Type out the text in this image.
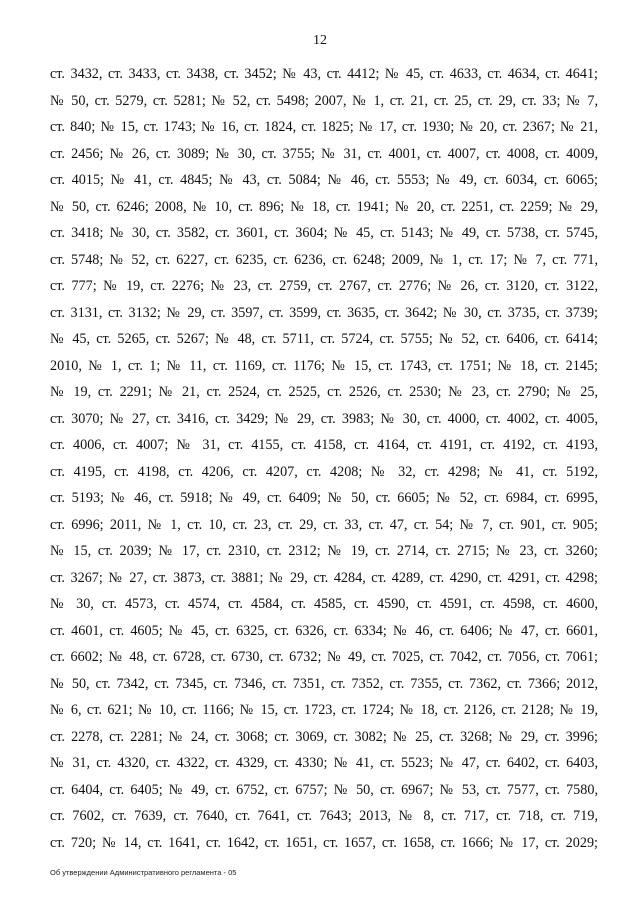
12
ст. 3432, ст. 3433, ст. 3438, ст. 3452; № 43, ст. 4412; № 45, ст. 4633, ст. 4634, ст. 4641;
№ 50, ст. 5279, ст. 5281; № 52, ст. 5498; 2007, № 1, ст. 21, ст. 25, ст. 29, ст. 33; № 7,
ст. 840; № 15, ст. 1743; № 16, ст. 1824, ст. 1825; № 17, ст. 1930; № 20, ст. 2367; № 21,
ст. 2456; № 26, ст. 3089; № 30, ст. 3755; № 31, ст. 4001, ст. 4007, ст. 4008, ст. 4009,
ст. 4015; № 41, ст. 4845; № 43, ст. 5084; № 46, ст. 5553; № 49, ст. 6034, ст. 6065;
№ 50, ст. 6246; 2008, № 10, ст. 896; № 18, ст. 1941; № 20, ст. 2251, ст. 2259; № 29,
ст. 3418; № 30, ст. 3582, ст. 3601, ст. 3604; № 45, ст. 5143; № 49, ст. 5738, ст. 5745,
ст. 5748; № 52, ст. 6227, ст. 6235, ст. 6236, ст. 6248; 2009, № 1, ст. 17; № 7, ст. 771,
ст. 777; № 19, ст. 2276; № 23, ст. 2759, ст. 2767, ст. 2776; № 26, ст. 3120, ст. 3122,
ст. 3131, ст. 3132; № 29, ст. 3597, ст. 3599, ст. 3635, ст. 3642; № 30, ст. 3735, ст. 3739;
№ 45, ст. 5265, ст. 5267; № 48, ст. 5711, ст. 5724, ст. 5755; № 52, ст. 6406, ст. 6414;
2010, № 1, ст. 1; № 11, ст. 1169, ст. 1176; № 15, ст. 1743, ст. 1751; № 18, ст. 2145;
№ 19, ст. 2291; № 21, ст. 2524, ст. 2525, ст. 2526, ст. 2530; № 23, ст. 2790; № 25,
ст. 3070; № 27, ст. 3416, ст. 3429; № 29, ст. 3983; № 30, ст. 4000, ст. 4002, ст. 4005,
ст. 4006, ст. 4007; № 31, ст. 4155, ст. 4158, ст. 4164, ст. 4191, ст. 4192, ст. 4193,
ст. 4195, ст. 4198, ст. 4206, ст. 4207, ст. 4208; № 32, ст. 4298; № 41, ст. 5192,
ст. 5193; № 46, ст. 5918; № 49, ст. 6409; № 50, ст. 6605; № 52, ст. 6984, ст. 6995,
ст. 6996; 2011, № 1, ст. 10, ст. 23, ст. 29, ст. 33, ст. 47, ст. 54; № 7, ст. 901, ст. 905;
№ 15, ст. 2039; № 17, ст. 2310, ст. 2312; № 19, ст. 2714, ст. 2715; № 23, ст. 3260;
ст. 3267; № 27, ст. 3873, ст. 3881; № 29, ст. 4284, ст. 4289, ст. 4290, ст. 4291, ст. 4298;
№ 30, ст. 4573, ст. 4574, ст. 4584, ст. 4585, ст. 4590, ст. 4591, ст. 4598, ст. 4600,
ст. 4601, ст. 4605; № 45, ст. 6325, ст. 6326, ст. 6334; № 46, ст. 6406; № 47, ст. 6601,
ст. 6602; № 48, ст. 6728, ст. 6730, ст. 6732; № 49, ст. 7025, ст. 7042, ст. 7056, ст. 7061;
№ 50, ст. 7342, ст. 7345, ст. 7346, ст. 7351, ст. 7352, ст. 7355, ст. 7362, ст. 7366; 2012,
№ 6, ст. 621; № 10, ст. 1166; № 15, ст. 1723, ст. 1724; № 18, ст. 2126, ст. 2128; № 19,
ст. 2278, ст. 2281; № 24, ст. 3068; ст. 3069, ст. 3082; № 25, ст. 3268; № 29, ст. 3996;
№ 31, ст. 4320, ст. 4322, ст. 4329, ст. 4330; № 41, ст. 5523; № 47, ст. 6402, ст. 6403,
ст. 6404, ст. 6405; № 49, ст. 6752, ст. 6757; № 50, ст. 6967; № 53, ст. 7577, ст. 7580,
ст. 7602, ст. 7639, ст. 7640, ст. 7641, ст. 7643; 2013, № 8, ст. 717, ст. 718, ст. 719,
ст. 720; № 14, ст. 1641, ст. 1642, ст. 1651, ст. 1657, ст. 1658, ст. 1666; № 17, ст. 2029;
Об утверждении Административного регламента - 05
